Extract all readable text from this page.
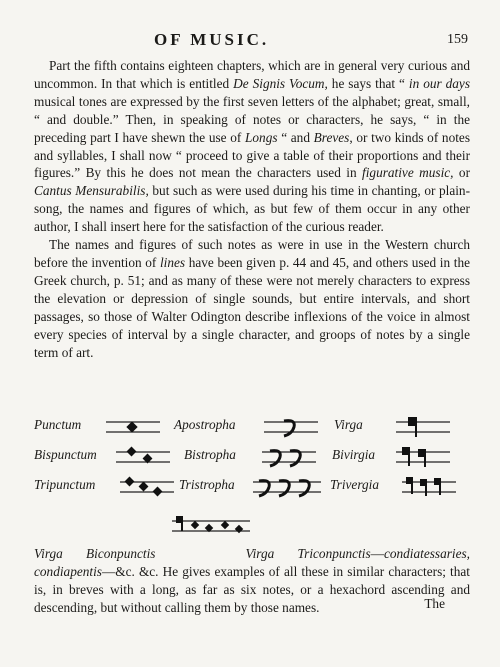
OF MUSIC.	159

Part the fifth contains eighteen chapters, which are in general very curious and uncommon. In that which is entitled De Signis Vocum, he says that “ in our days musical tones are expressed by the first seven letters of the alphabet; great, small, “ and double.” Then, in speaking of notes or characters, he says, “ in the preceding part I have shewn the use of Longs “ and Breves, or two kinds of notes and syllables, I shall now “ proceed to give a table of their proportions and their figures.” By this he does not mean the characters used in figurative music, or Cantus Mensurabilis, but such as were used during his time in chanting, or plain-song, the names and figures of which, as but few of them occur in any other author, I shall insert here for the satisfaction of the curious reader.

The names and figures of such notes as were in use in the Western church before the invention of lines have been given p. 44 and 45, and others used in the Greek church, p. 51; and as many of these were not merely characters to express the elevation or depression of single sounds, but entire intervals, and short passages, so those of Walter Odington describe inflexions of the voice in almost every species of interval by a single character, and groops of notes by a single term of art.

Punctum	Apostropha	Virga
Bispunctum	Bistropha	Bivirgia
Tripunctum	Tristropha	Trivergia

Virga Biconpunctis	Virga Triconpunctis—condiatessaries, condiapentis—&c. &c. He gives examples of all these in similar characters; that is, in breves with a long, as far as six notes, or a hexachord ascending and descending, but without calling them by those names.	The
